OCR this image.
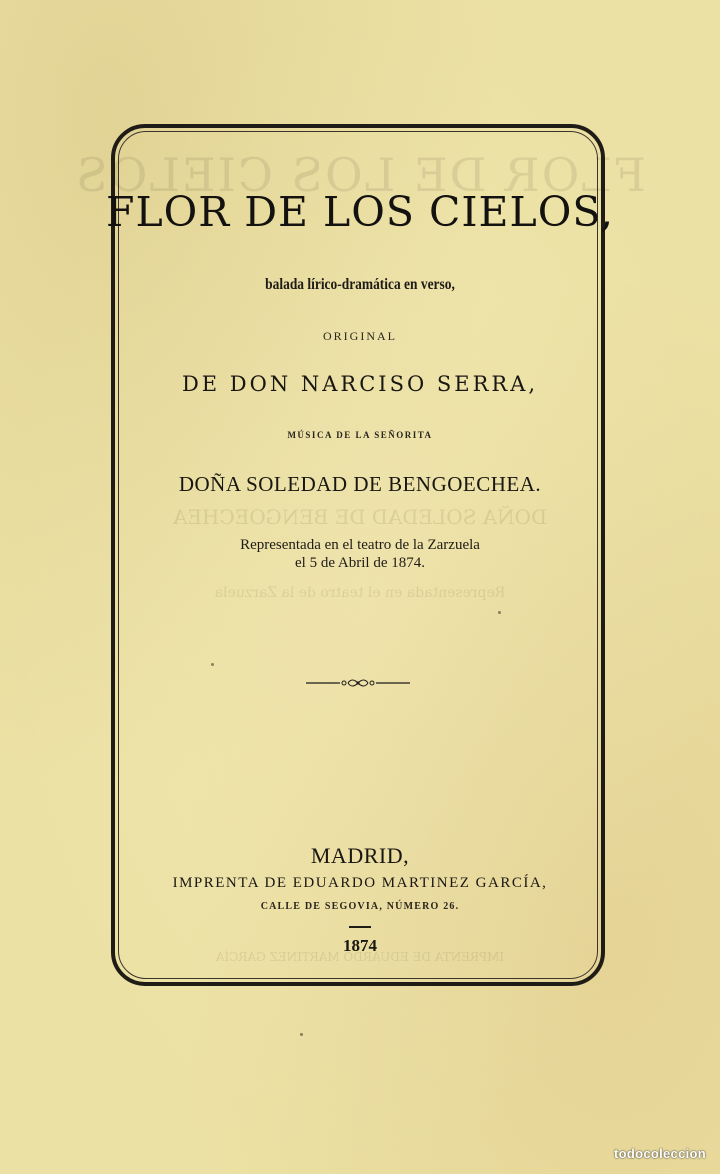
FLOR DE LOS CIELOS
DOÑA SOLEDAD DE BENGOECHEA
Representada en el teatro de la Zarzuela
IMPRENTA DE EDUARDO MARTINEZ GARCÍA
FLOR DE LOS CIELOS,
balada lírico-dramática en verso,
ORIGINAL
DE DON NARCISO SERRA,
MÚSICA DE LA SEÑORITA
DOÑA SOLEDAD DE BENGOECHEA.
Representada en el teatro de la Zarzuela
el 5 de Abril de 1874.
MADRID,
IMPRENTA DE EDUARDO MARTINEZ GARCÍA,
CALLE DE SEGOVIA, NÚMERO 26.
1874
todocoleccion
